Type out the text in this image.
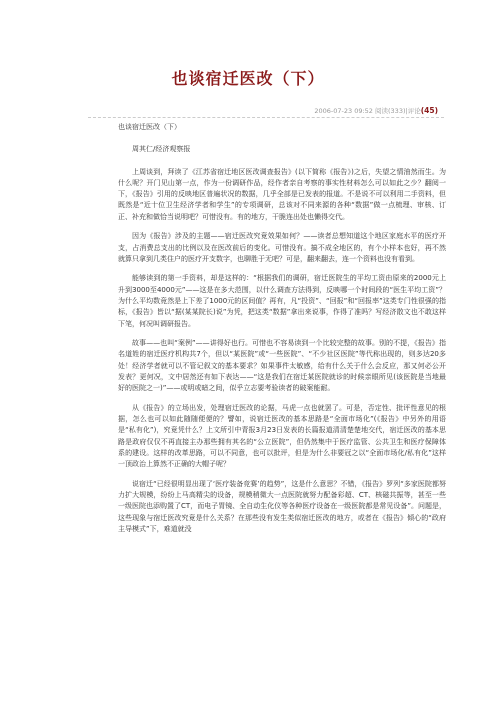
也谈宿迁医改（下）
2006-07-23 09:52 阅读(333)|评论(45)

也谈宿迁医改（下）

周其仁/经济观察报

上周谈到，拜读了《江苏省宿迁地区医改调查报告》(以下简称《报告》)之后，失望之情油然而生。为什么呢？开门见山第一点，作为一份调研作品，经作者亲自考察的事实性材料怎么可以如此之少？翻阅一下，《报告》引用的反映地区普遍状况的数据，几乎全部是已发表的报道。不是说不可以利用二手资料，但既然是“近十位卫生经济学者和学生”的专项调研，总该对不同来源的各种“数据”做一点梳理、审核、订正、补充和做恰当说明吧？可惜没有。有的地方，干脆连出处也懒得交代。

因为《报告》涉及的主题——宿迁医改究竟效果如何？——读者总想知道这个地区家庭水平的医疗开支，占消费总支出的比例以及在医改前后的变化。可惜没有。搞不成全地区的，有个小样本也好，再不然就算只拿到几类住户的医疗开支数字，也聊胜于无吧？可是，翻来翻去，连一个资料也没有看到。

能够读到的第一手资料，却是这样的：“根据我们的调研，宿迁医院生的平均工资由原来的2000元上升到3000至4000元”——这是在多大范围，以什么调查方法得到，反映哪一个时间段的“医生平均工资”？为什么平均数竟然是上下差了1000元的区间值？再有，凡“投资”、“回报”和“回报率”这类专门性很强的指标，《报告》皆以“据(某某院长)说”为凭，把这类“数据”拿出来说事，作得了准吗？写经济散文也不敢这样下笔，何况叫调研报告。

故事——也叫“案例”——讲得好也行。可惜也不容易读到一个比较完整的故事。别的不提，《报告》指名道姓的宿迁医疗机构共7个，但以“某医院”或“一些医院”、“不少社区医院”等代称出现的，则多达20多处！经济学者就可以不管记叙文的基本要求？如果事件太敏感，给有什么关于什么会反应，那又何必公开发表？更何况，文中居然还有如下表达——“这是我们在宿迁某医院就诊的时候亲眼所见(该医院是当地最好的医院之一)”——或明或暗之间，似乎立志要考验读者的破案能耐。

从《报告》的立场出发，处理宿迁医改的论据，马虎一点也就罢了。可是，否定性、批评性意见的根据，怎么也可以如此随随便便的？譬如，说宿迁医改的基本思路是“全面市场化”(《报告》中另外的用语是“私有化”)，究竟凭什么？上文所引中青报3月23日发表的长篇报道清清楚楚地交代，宿迁医改的基本思路是政府仅仅不再直接主办那些拥有其名的“公立医院”，但仍然集中于医疗监管、公共卫生和医疗保障体系的建设。这样的改革思路，可以不同意，也可以批评，但是为什么非要冠之以“全面市场化/私有化”这样一顶政治上算然不正确的大帽子呢？

说宿迁“已经很明显出现了‘医疗装备竞赛’的趋势”，这是什么意思？不错，《报告》罗列“多家医院都努力扩大规模，纷纷上马高精尖的设备，规模稍微大一点医院就努力配备彩超、CT、核磁共振等，甚至一些一级医院也添购置了CT，而电子胃镜、全自动生化仪等各种医疗设备在一级医院都是常见设备”。问题是，这些现象与宿迁医改究竟是什么关系？在那些没有发生类似宿迁医改的地方，或者在《报告》倾心的“政府主导模式”下，难道就没
